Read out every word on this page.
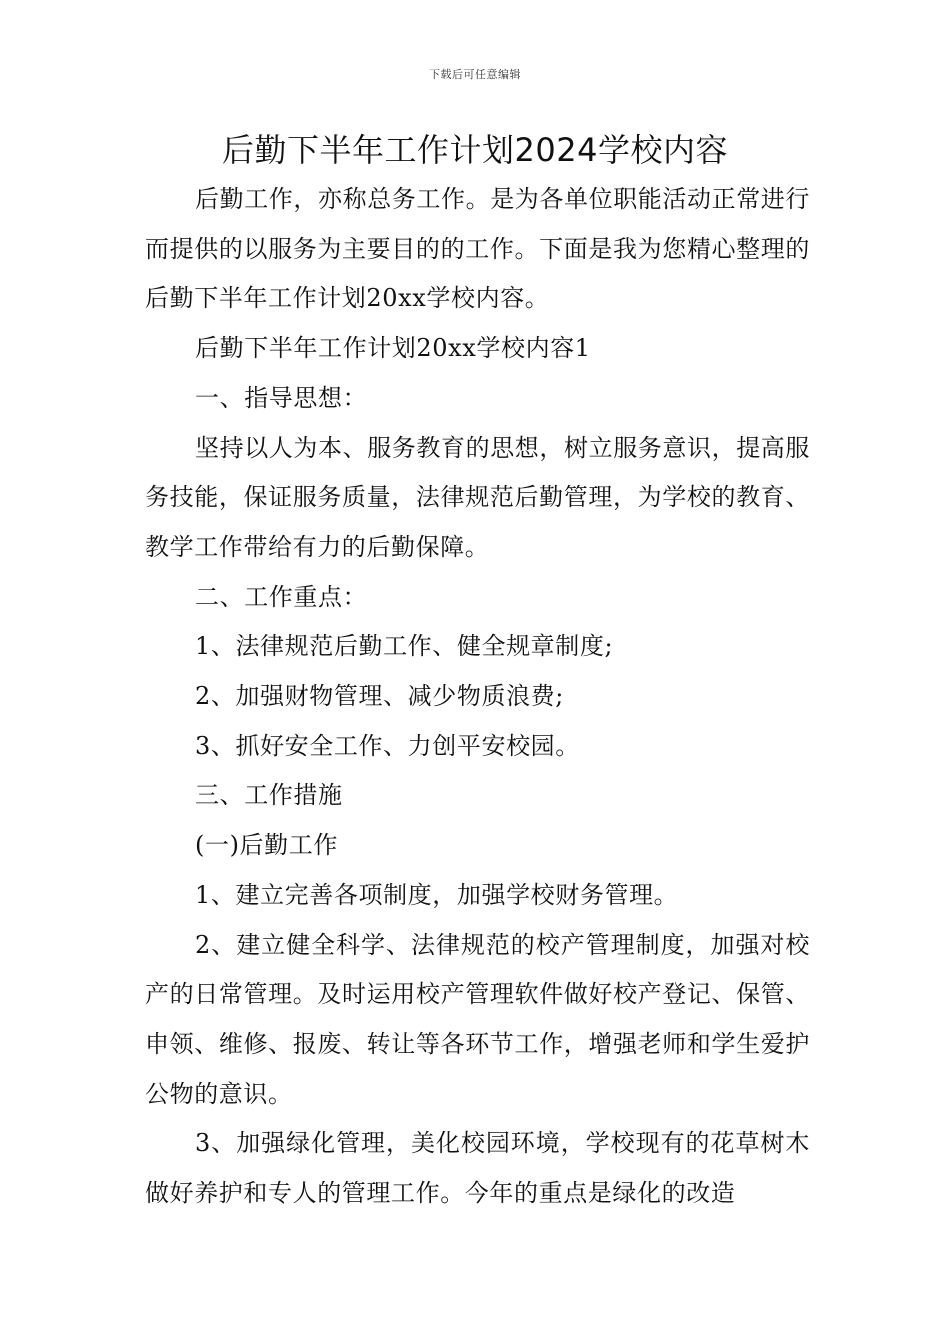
下载后可任意编辑
后勤下半年工作计划2024学校内容

后勤工作，亦称总务工作。是为各单位职能活动正常进行而提供的以服务为主要目的的工作。下面是我为您精心整理的后勤下半年工作计划20xx学校内容。

后勤下半年工作计划20xx学校内容1

一、指导思想：

坚持以人为本、服务教育的思想，树立服务意识，提高服务技能，保证服务质量，法律规范后勤管理，为学校的教育、教学工作带给有力的后勤保障。

二、工作重点：

1、法律规范后勤工作、健全规章制度;

2、加强财物管理、减少物质浪费;

3、抓好安全工作、力创平安校园。

三、工作措施

(一)后勤工作

1、建立完善各项制度，加强学校财务管理。

2、建立健全科学、法律规范的校产管理制度，加强对校产的日常管理。及时运用校产管理软件做好校产登记、保管、申领、维修、报废、转让等各环节工作，增强老师和学生爱护公物的意识。

3、加强绿化管理，美化校园环境，学校现有的花草树木做好养护和专人的管理工作。今年的重点是绿化的改造
